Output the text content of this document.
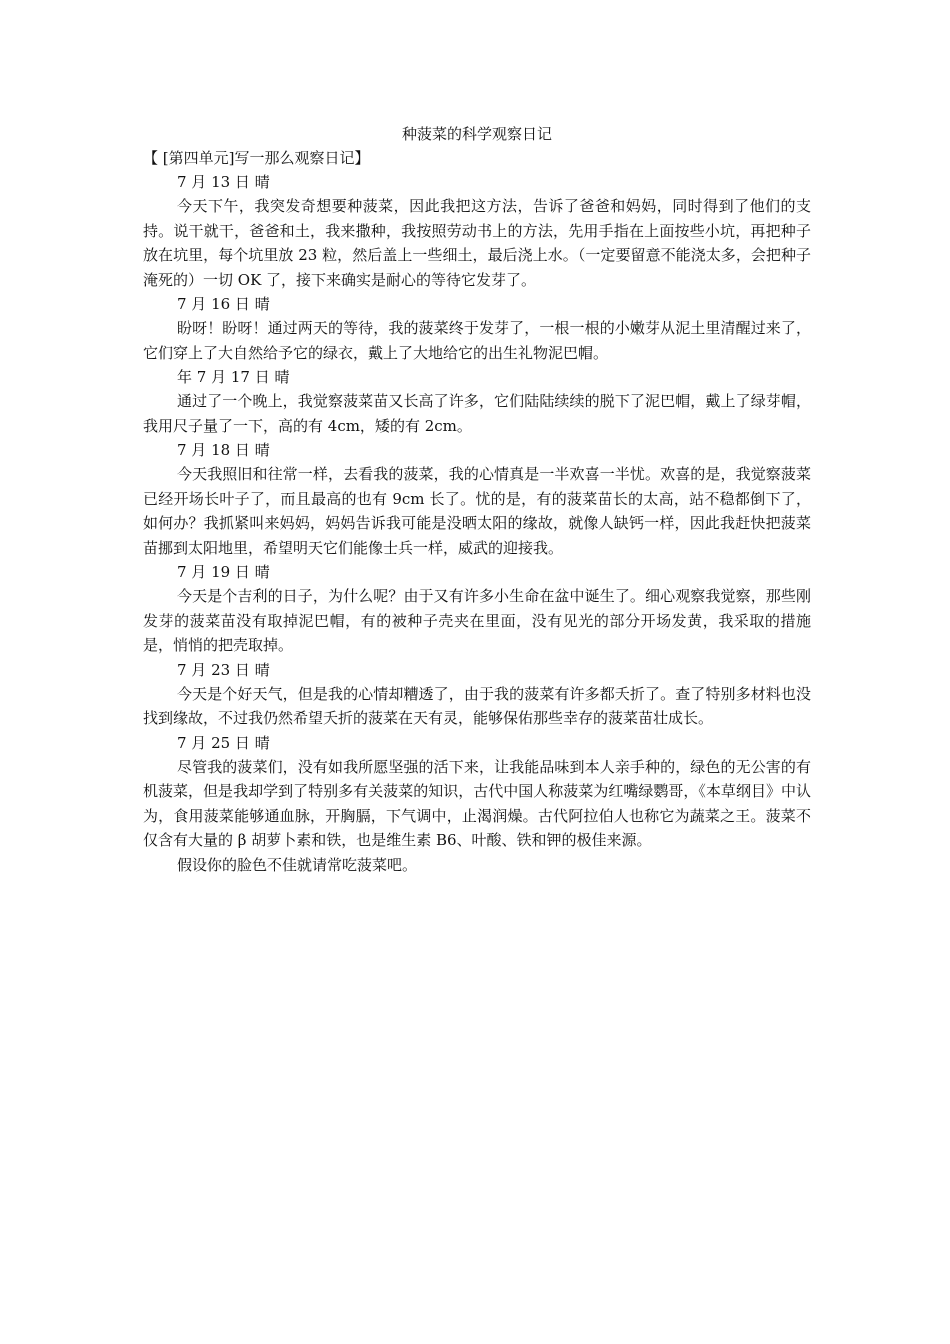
种菠菜的科学观察日记

【 [第四单元]写一那么观察日记】

7 月 13 日 晴

今天下午，我突发奇想要种菠菜，因此我把这方法，告诉了爸爸和妈妈，同时得到了他们的支持。说干就干，爸爸和土，我来撒种，我按照劳动书上的方法，先用手指在上面按些小坑，再把种子放在坑里，每个坑里放 23 粒，然后盖上一些细土，最后浇上水。（一定要留意不能浇太多，会把种子淹死的）一切 OK 了，接下来确实是耐心的等待它发芽了。

7 月 16 日 晴

盼呀！盼呀！通过两天的等待，我的菠菜终于发芽了，一根一根的小嫩芽从泥土里清醒过来了，它们穿上了大自然给予它的绿衣，戴上了大地给它的出生礼物泥巴帽。

年 7 月 17 日 晴

通过了一个晚上，我觉察菠菜苗又长高了许多，它们陆陆续续的脱下了泥巴帽，戴上了绿芽帽，我用尺子量了一下，高的有 4cm，矮的有 2cm。

7 月 18 日 晴

今天我照旧和往常一样，去看我的菠菜，我的心情真是一半欢喜一半忧。欢喜的是，我觉察菠菜已经开场长叶子了，而且最高的也有 9cm 长了。忧的是，有的菠菜苗长的太高，站不稳都倒下了，如何办？我抓紧叫来妈妈，妈妈告诉我可能是没晒太阳的缘故，就像人缺钙一样，因此我赶快把菠菜苗挪到太阳地里，希望明天它们能像士兵一样，威武的迎接我。

7 月 19 日 晴

今天是个吉利的日子，为什么呢？由于又有许多小生命在盆中诞生了。细心观察我觉察，那些刚发芽的菠菜苗没有取掉泥巴帽，有的被种子壳夹在里面，没有见光的部分开场发黄，我采取的措施是，悄悄的把壳取掉。

7 月 23 日 晴

今天是个好天气，但是我的心情却糟透了，由于我的菠菜有许多都夭折了。查了特别多材料也没找到缘故，不过我仍然希望夭折的菠菜在天有灵，能够保佑那些幸存的菠菜苗壮成长。

7 月 25 日 晴

尽管我的菠菜们，没有如我所愿坚强的活下来，让我能品味到本人亲手种的，绿色的无公害的有机菠菜，但是我却学到了特别多有关菠菜的知识，古代中国人称菠菜为红嘴绿鹦哥，《本草纲目》中认为，食用菠菜能够通血脉，开胸膈，下气调中，止渴润燥。古代阿拉伯人也称它为蔬菜之王。菠菜不仅含有大量的 β 胡萝卜素和铁，也是维生素 B6、叶酸、铁和钾的极佳来源。

假设你的脸色不佳就请常吃菠菜吧。
